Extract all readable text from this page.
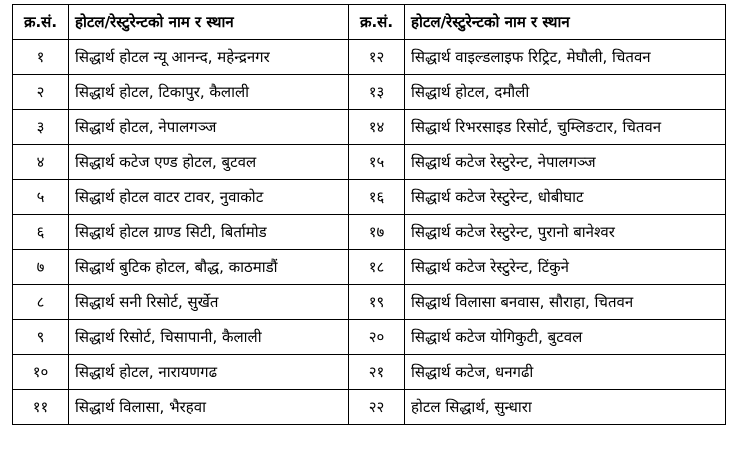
क्र.सं.	होटल/रेस्टुरेन्टको नाम र स्थान	क्र.सं.	होटल/रेस्टुरेन्टको नाम र स्थान
१	सिद्धार्थ होटल न्यू आनन्द, महेन्द्रनगर	१२	सिद्धार्थ वाइल्डलाइफ रिट्रिट, मेघौली, चितवन
२	सिद्धार्थ होटल, टिकापुर, कैलाली	१३	सिद्धार्थ होटल, दमौली
३	सिद्धार्थ होटल, नेपालगञ्ज	१४	सिद्धार्थ रिभरसाइड रिसोर्ट, चुम्लिङटार, चितवन
४	सिद्धार्थ कटेज एण्ड होटल, बुटवल	१५	सिद्धार्थ कटेज रेस्टुरेन्ट, नेपालगञ्ज
५	सिद्धार्थ होटल वाटर टावर, नुवाकोट	१६	सिद्धार्थ कटेज रेस्टुरेन्ट, धोबीघाट
६	सिद्धार्थ होटल ग्राण्ड सिटी, बिर्तामोड	१७	सिद्धार्थ कटेज रेस्टुरेन्ट, पुरानो बानेश्वर
७	सिद्धार्थ बुटिक होटल, बौद्ध, काठमाडौं	१८	सिद्धार्थ कटेज रेस्टुरेन्ट, टिंकुने
८	सिद्धार्थ सनी रिसोर्ट, सुर्खेत	१९	सिद्धार्थ विलासा बनवास, सौराहा, चितवन
९	सिद्धार्थ रिसोर्ट, चिसापानी, कैलाली	२०	सिद्धार्थ कटेज योगिकुटी, बुटवल
१०	सिद्धार्थ होटल, नारायणगढ	२१	सिद्धार्थ कटेज, धनगढी
११	सिद्धार्थ विलासा, भैरहवा	२२	होटल सिद्धार्थ, सुन्धारा
